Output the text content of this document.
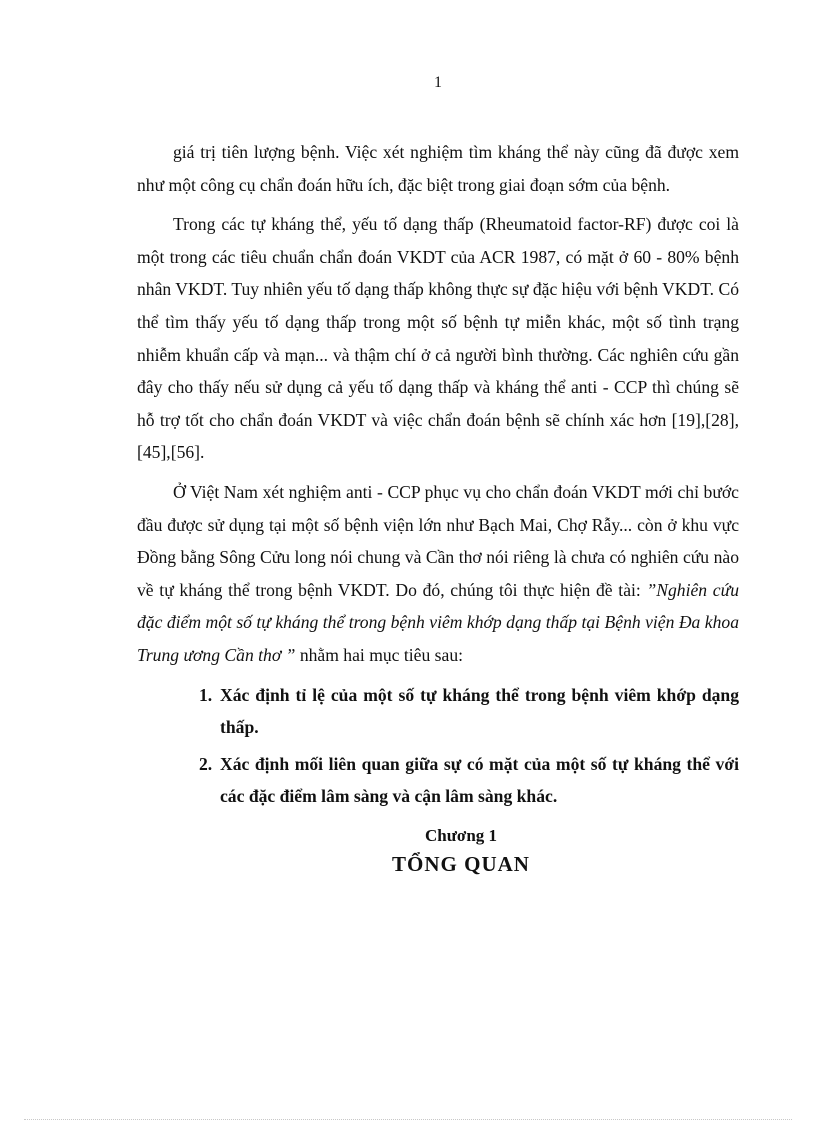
1

giá trị tiên lượng bệnh. Việc xét nghiệm tìm kháng thể này cũng đã được xem như một công cụ chẩn đoán hữu ích, đặc biệt trong giai đoạn sớm của bệnh.

Trong các tự kháng thể, yếu tố dạng thấp (Rheumatoid factor-RF) được coi là một trong các tiêu chuẩn chẩn đoán VKDT của ACR 1987, có mặt ở 60 - 80% bệnh nhân VKDT. Tuy nhiên yếu tố dạng thấp không thực sự đặc hiệu với bệnh VKDT. Có thể tìm thấy yếu tố dạng thấp trong một số bệnh tự miễn khác, một số tình trạng nhiễm khuẩn cấp và mạn... và thậm chí ở cả người bình thường. Các nghiên cứu gần đây cho thấy nếu sử dụng cả yếu tố dạng thấp và kháng thể anti - CCP thì chúng sẽ hỗ trợ tốt cho chẩn đoán VKDT và việc chẩn đoán bệnh sẽ chính xác hơn [19],[28],[45],[56].

Ở Việt Nam xét nghiệm anti - CCP phục vụ cho chẩn đoán VKDT mới chỉ bước đầu được sử dụng tại một số bệnh viện lớn như Bạch Mai, Chợ Rẫy... còn ở khu vực Đồng bằng Sông Cửu long nói chung và Cần thơ nói riêng là chưa có nghiên cứu nào về tự kháng thể trong bệnh VKDT. Do đó, chúng tôi thực hiện đề tài: ”Nghiên cứu đặc điểm một số tự kháng thể trong bệnh viêm khớp dạng thấp tại Bệnh viện Đa khoa Trung ương Cần thơ ” nhằm hai mục tiêu sau:

1. Xác định tỉ lệ của một số tự kháng thể trong bệnh viêm khớp dạng thấp.
2. Xác định mối liên quan giữa sự có mặt của một số tự kháng thể với các đặc điểm lâm sàng và cận lâm sàng khác.
Chương 1
TỔNG QUAN
